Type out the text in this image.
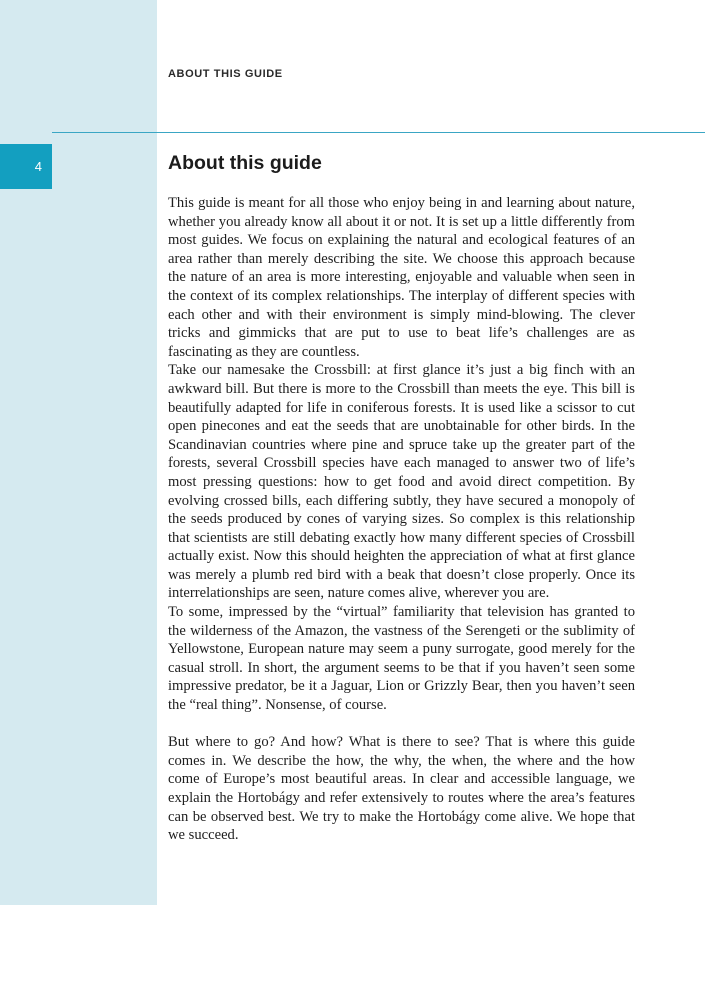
ABOUT THIS GUIDE
4	About this guide

This guide is meant for all those who enjoy being in and learning about nature, whether you already know all about it or not. It is set up a little differently from most guides. We focus on explaining the natural and ecological features of an area rather than merely describing the site. We choose this approach because the nature of an area is more interesting, enjoyable and valuable when seen in the context of its complex relationships. The interplay of different species with each other and with their environment is simply mind-blowing. The clever tricks and gimmicks that are put to use to beat life’s challenges are as fascinating as they are countless.

Take our namesake the Crossbill: at first glance it’s just a big finch with an awkward bill. But there is more to the Crossbill than meets the eye. This bill is beautifully adapted for life in coniferous forests. It is used like a scissor to cut open pinecones and eat the seeds that are unobtainable for other birds. In the Scandinavian countries where pine and spruce take up the greater part of the forests, several Crossbill species have each managed to answer two of life’s most pressing questions: how to get food and avoid direct competition. By evolving crossed bills, each differing subtly, they have secured a monopoly of the seeds produced by cones of varying sizes. So complex is this relationship that scientists are still debating exactly how many different species of Crossbill actually exist. Now this should heighten the appreciation of what at first glance was merely a plumb red bird with a beak that doesn’t close properly. Once its interrelationships are seen, nature comes alive, wherever you are.

To some, impressed by the “virtual” familiarity that television has granted to the wilderness of the Amazon, the vastness of the Serengeti or the sublimity of Yellowstone, European nature may seem a puny surrogate, good merely for the casual stroll. In short, the argument seems to be that if you haven’t seen some impressive predator, be it a Jaguar, Lion or Grizzly Bear, then you haven’t seen the “real thing”. Nonsense, of course.

But where to go? And how? What is there to see? That is where this guide comes in. We describe the how, the why, the when, the where and the how come of Europe’s most beautiful areas. In clear and accessible language, we explain the Hortobágy and refer extensively to routes where the area’s features can be observed best. We try to make the Hortobágy come alive. We hope that we succeed.
